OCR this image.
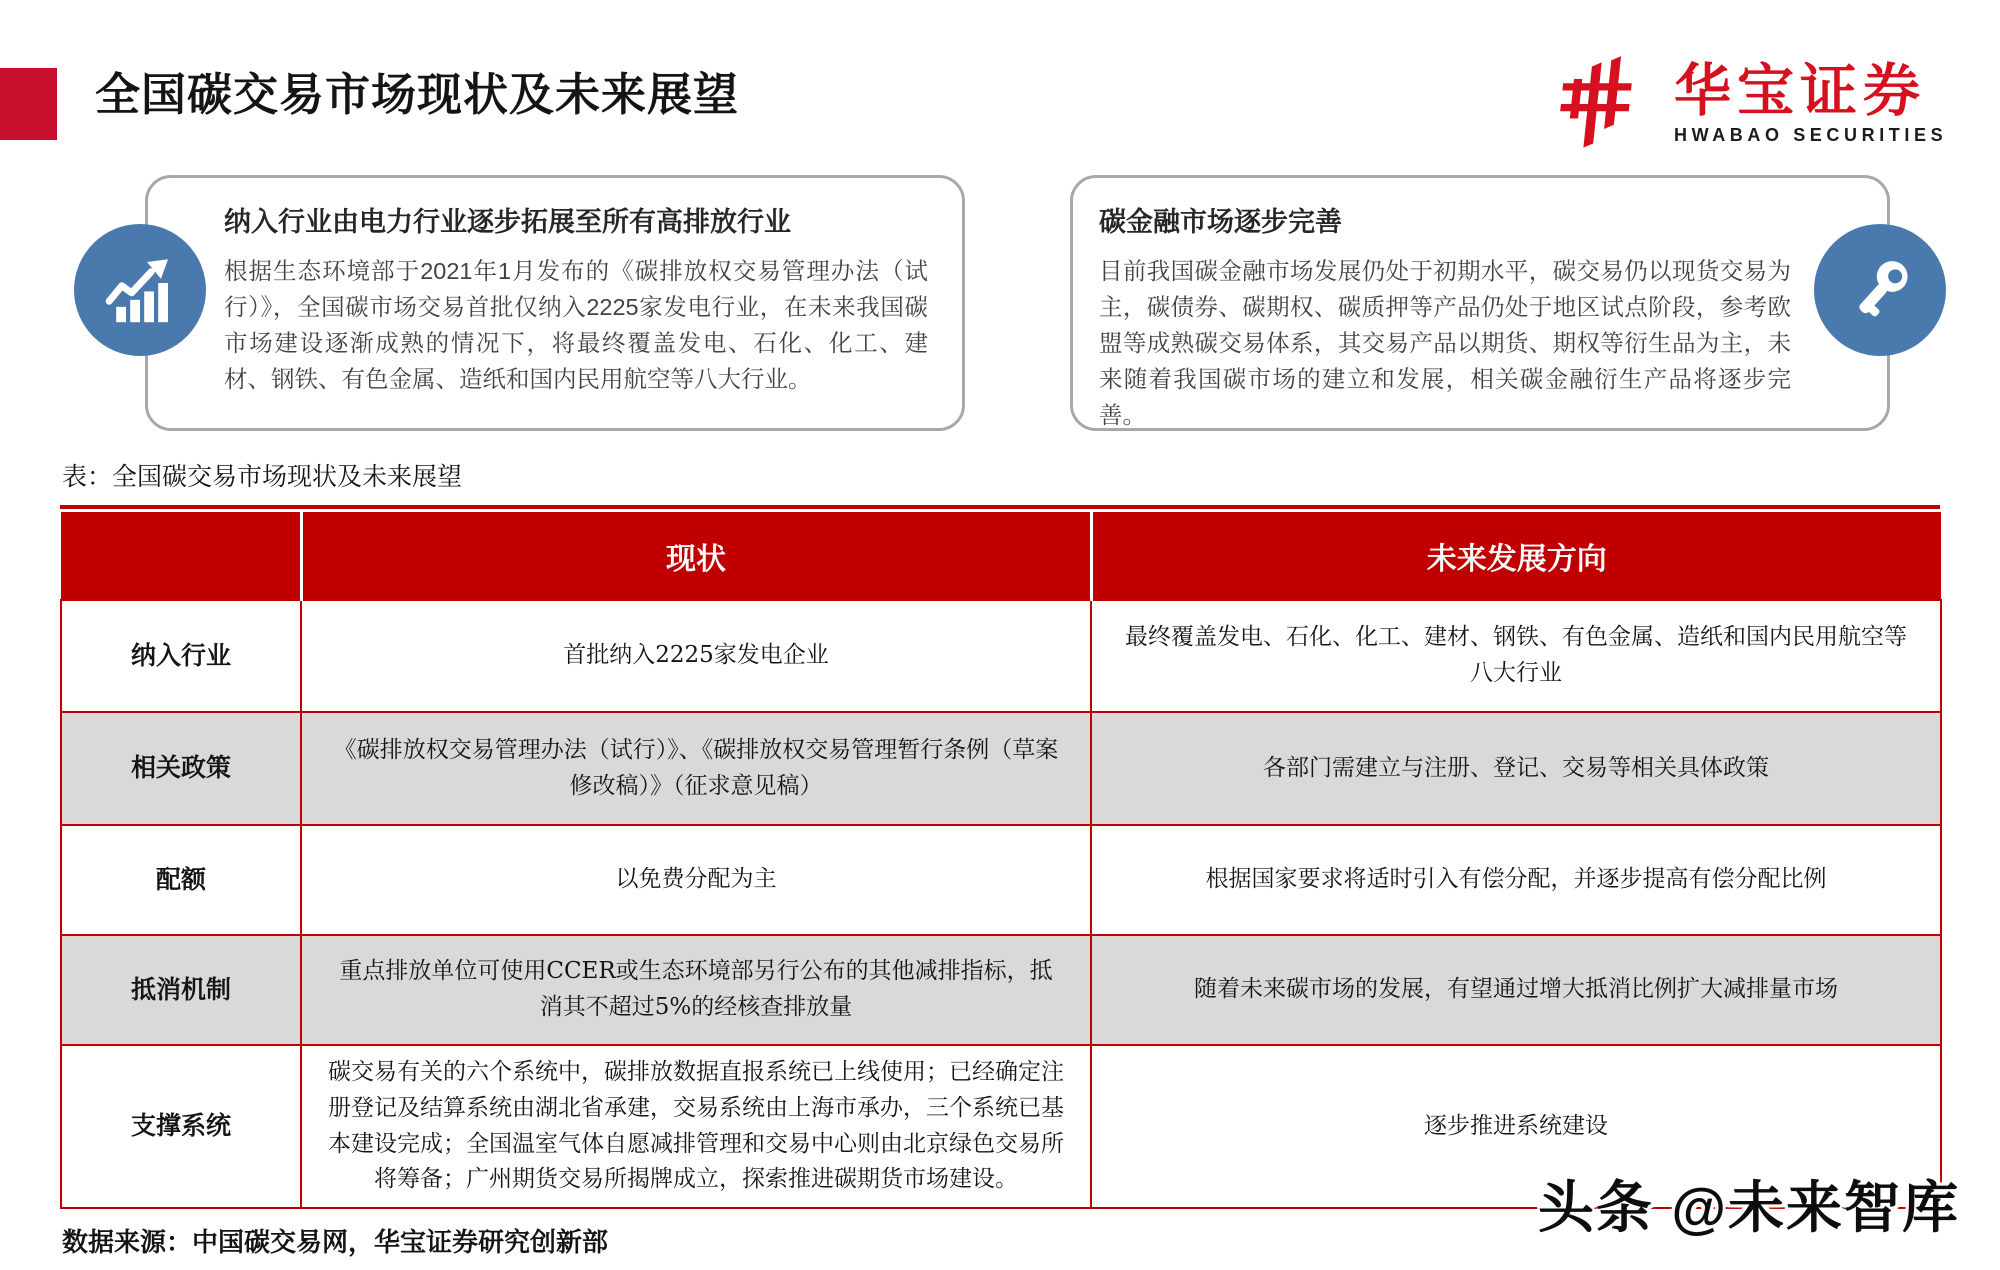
全国碳交易市场现状及未来展望	华宝证券
HWABAO SECURITIES
纳入行业由电力行业逐步拓展至所有高排放行业
根据生态环境部于2021年1月发布的《碳排放权交易管理办法（试行）》，全国碳市场交易首批仅纳入2225家发电行业，在未来我国碳市场建设逐渐成熟的情况下，将最终覆盖发电、石化、化工、建材、钢铁、有色金属、造纸和国内民用航空等八大行业。
碳金融市场逐步完善
目前我国碳金融市场发展仍处于初期水平，碳交易仍以现货交易为主，碳债券、碳期权、碳质押等产品仍处于地区试点阶段，参考欧盟等成熟碳交易体系，其交易产品以期货、期权等衍生品为主，未来随着我国碳市场的建立和发展，相关碳金融衍生产品将逐步完善。
表：全国碳交易市场现状及未来展望
	现状	未来发展方向
纳入行业	首批纳入2225家发电企业	最终覆盖发电、石化、化工、建材、钢铁、有色金属、造纸和国内民用航空等八大行业
相关政策	《碳排放权交易管理办法（试行）》、《碳排放权交易管理暂行条例（草案修改稿）》（征求意见稿）	各部门需建立与注册、登记、交易等相关具体政策
配额	以免费分配为主	根据国家要求将适时引入有偿分配，并逐步提高有偿分配比例
抵消机制	重点排放单位可使用CCER或生态环境部另行公布的其他减排指标，抵消其不超过5%的经核查排放量	随着未来碳市场的发展，有望通过增大抵消比例扩大减排量市场
支撑系统	碳交易有关的六个系统中，碳排放数据直报系统已上线使用；已经确定注册登记及结算系统由湖北省承建，交易系统由上海市承办，三个系统已基本建设完成；全国温室气体自愿减排管理和交易中心则由北京绿色交易所将筹备；广州期货交易所揭牌成立，探索推进碳期货市场建设。	逐步推进系统建设
数据来源：中国碳交易网，华宝证券研究创新部
头条 @未来智库
